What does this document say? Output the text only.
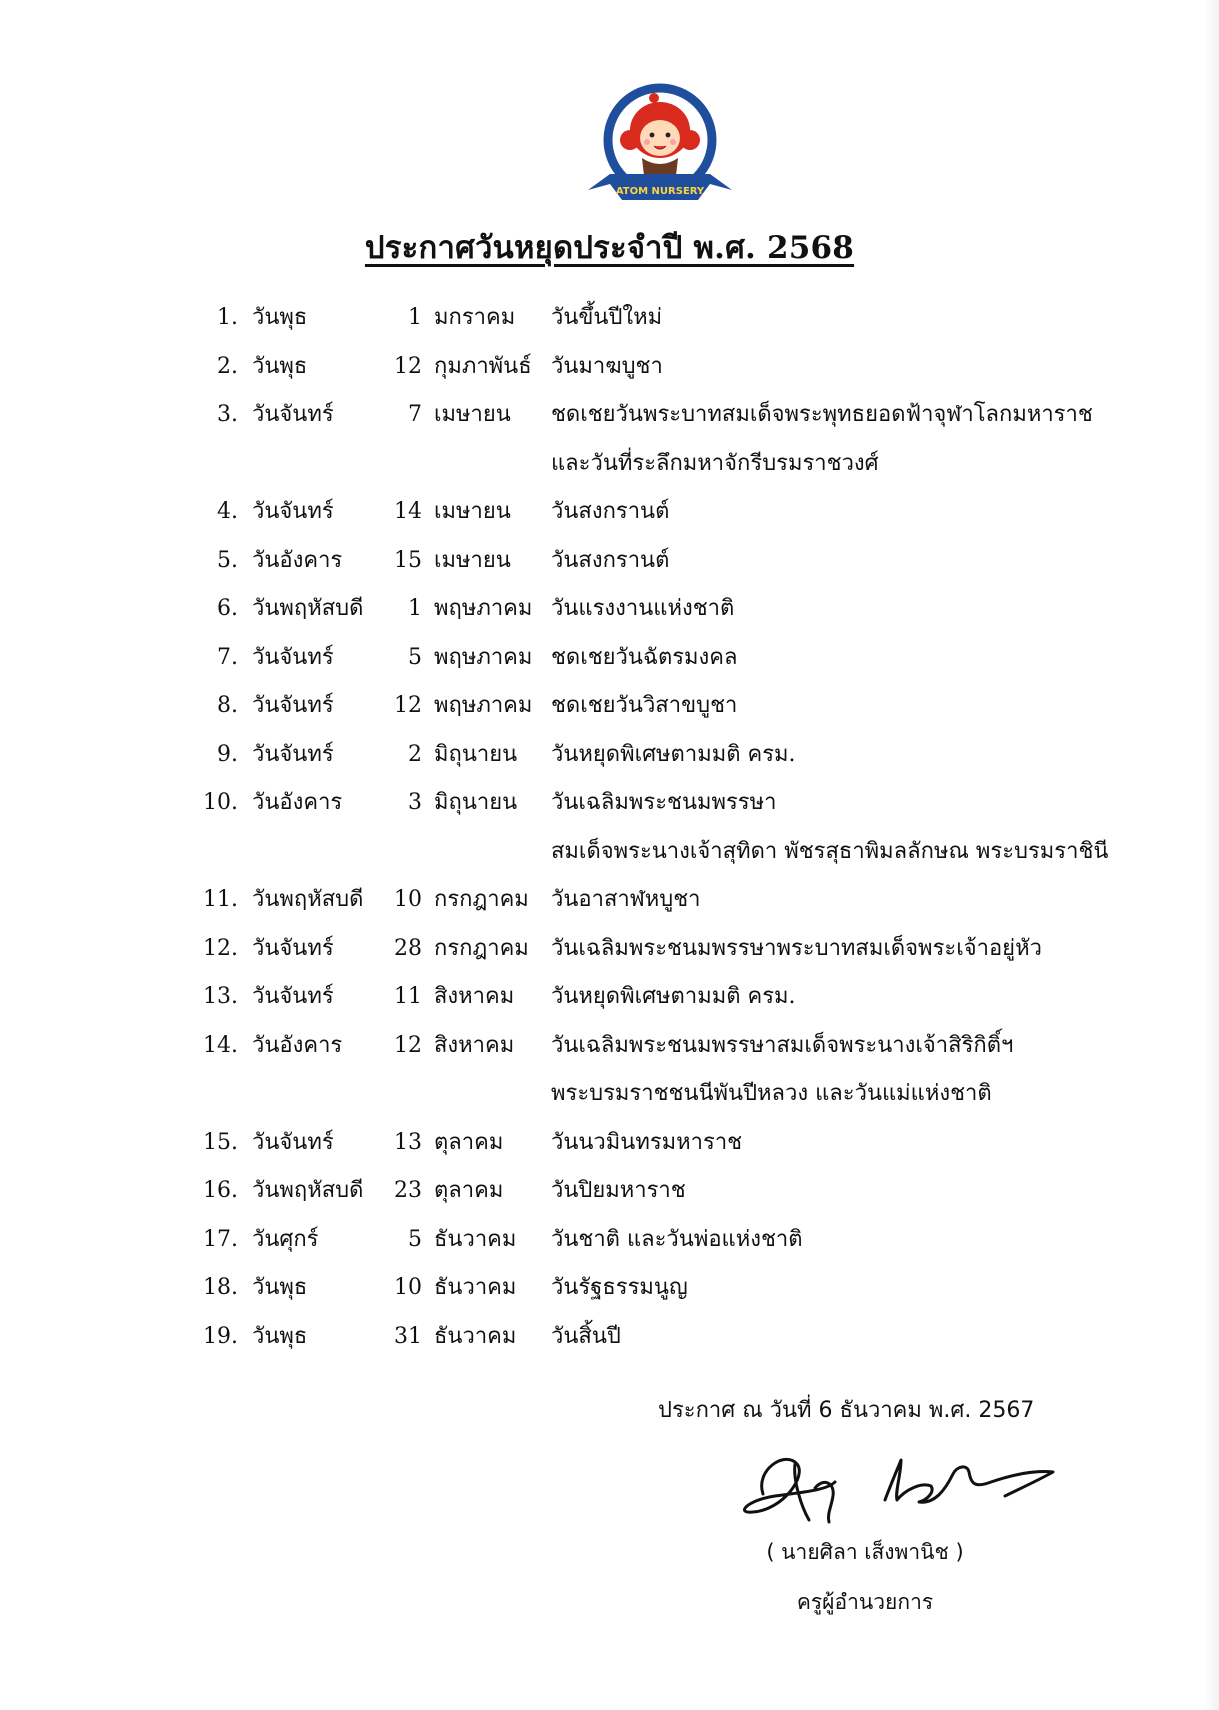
ATOM NURSERY
ประกาศวันหยุดประจำปี พ.ศ. 2568
1. วันพุธ	1 มกราคม วันขึ้นปีใหม่
2. วันพุธ	12 กุมภาพันธ์ วันมาฆบูชา
3. วันจันทร์	7 เมษายน ชดเชยวันพระบาทสมเด็จพระพุทธยอดฟ้าจุฬาโลกมหาราช
และวันที่ระลึกมหาจักรีบรมราชวงศ์
4. วันจันทร์	14 เมษายน วันสงกรานต์
5. วันอังคาร 15 เมษายน วันสงกรานต์
6. วันพฤหัสบดี	1 พฤษภาคม วันแรงงานแห่งชาติ
7. วันจันทร์	5 พฤษภาคม ชดเชยวันฉัตรมงคล
8. วันจันทร์	12 พฤษภาคม ชดเชยวันวิสาขบูชา
9. วันจันทร์	2 มิถุนายน วันหยุดพิเศษตามมติ ครม.
10. วันอังคาร	3 มิถุนายน วันเฉลิมพระชนมพรรษา
สมเด็จพระนางเจ้าสุทิดา พัชรสุธาพิมลลักษณ พระบรมราชินี
11. วันพฤหัสบดี 10 กรกฎาคม วันอาสาฬหบูชา
12. วันจันทร์	28 กรกฎาคม วันเฉลิมพระชนมพรรษาพระบาทสมเด็จพระเจ้าอยู่หัว
13. วันจันทร์	11 สิงหาคม วันหยุดพิเศษตามมติ ครม.
14. วันอังคาร 12 สิงหาคม วันเฉลิมพระชนมพรรษาสมเด็จพระนางเจ้าสิริกิติ์ฯ
พระบรมราชชนนีพันปีหลวง และวันแม่แห่งชาติ
15. วันจันทร์	13 ตุลาคม วันนวมินทรมหาราช
16. วันพฤหัสบดี 23 ตุลาคม วันปิยมหาราช
17. วันศุกร์	5 ธันวาคม วันชาติ และวันพ่อแห่งชาติ
18. วันพุธ	10 ธันวาคม วันรัฐธรรมนูญ
19. วันพุธ	31 ธันวาคม วันสิ้นปี
ประกาศ ณ วันที่ 6 ธันวาคม พ.ศ. 2567
( นายศิลา เส็งพานิช )
ครูผู้อำนวยการ
